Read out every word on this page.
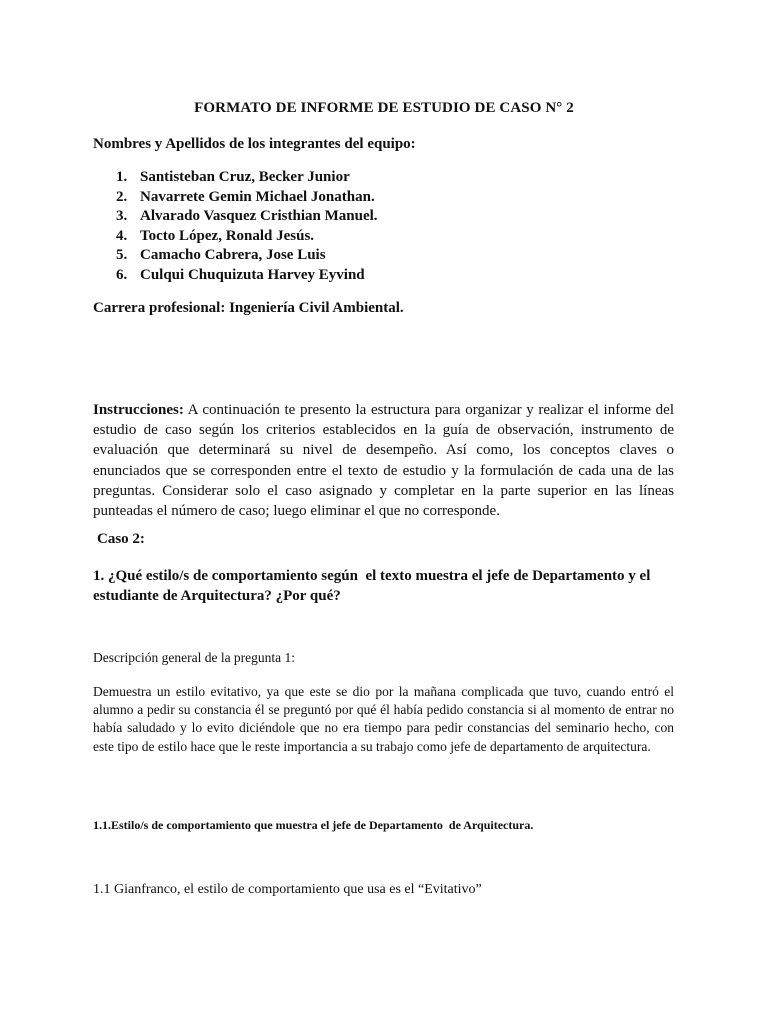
FORMATO DE INFORME DE ESTUDIO DE CASO N° 2
Nombres y Apellidos de los integrantes del equipo:
1. Santisteban Cruz, Becker Junior
2. Navarrete Gemin Michael Jonathan.
3. Alvarado Vasquez Cristhian Manuel.
4. Tocto López, Ronald Jesús.
5. Camacho Cabrera, Jose Luis
6. Culqui Chuquizuta Harvey Eyvind
Carrera profesional: Ingeniería Civil Ambiental.
Instrucciones: A continuación te presento la estructura para organizar y realizar el informe del estudio de caso según los criterios establecidos en la guía de observación, instrumento de evaluación que determinará su nivel de desempeño. Así como, los conceptos claves o enunciados que se corresponden entre el texto de estudio y la formulación de cada una de las preguntas. Considerar solo el caso asignado y completar en la parte superior en las líneas punteadas el número de caso; luego eliminar el que no corresponde.
Caso 2:
1. ¿Qué estilo/s de comportamiento según  el texto muestra el jefe de Departamento y el estudiante de Arquitectura? ¿Por qué?
Descripción general de la pregunta 1:
Demuestra un estilo evitativo, ya que este se dio por la mañana complicada que tuvo, cuando entró el alumno a pedir su constancia él se preguntó por qué él había pedido constancia si al momento de entrar no había saludado y lo evito diciéndole que no era tiempo para pedir constancias del seminario hecho, con este tipo de estilo hace que le reste importancia a su trabajo como jefe de departamento de arquitectura.
1.1.Estilo/s de comportamiento que muestra el jefe de Departamento  de Arquitectura.
1.1 Gianfranco, el estilo de comportamiento que usa es el “Evitativo”
